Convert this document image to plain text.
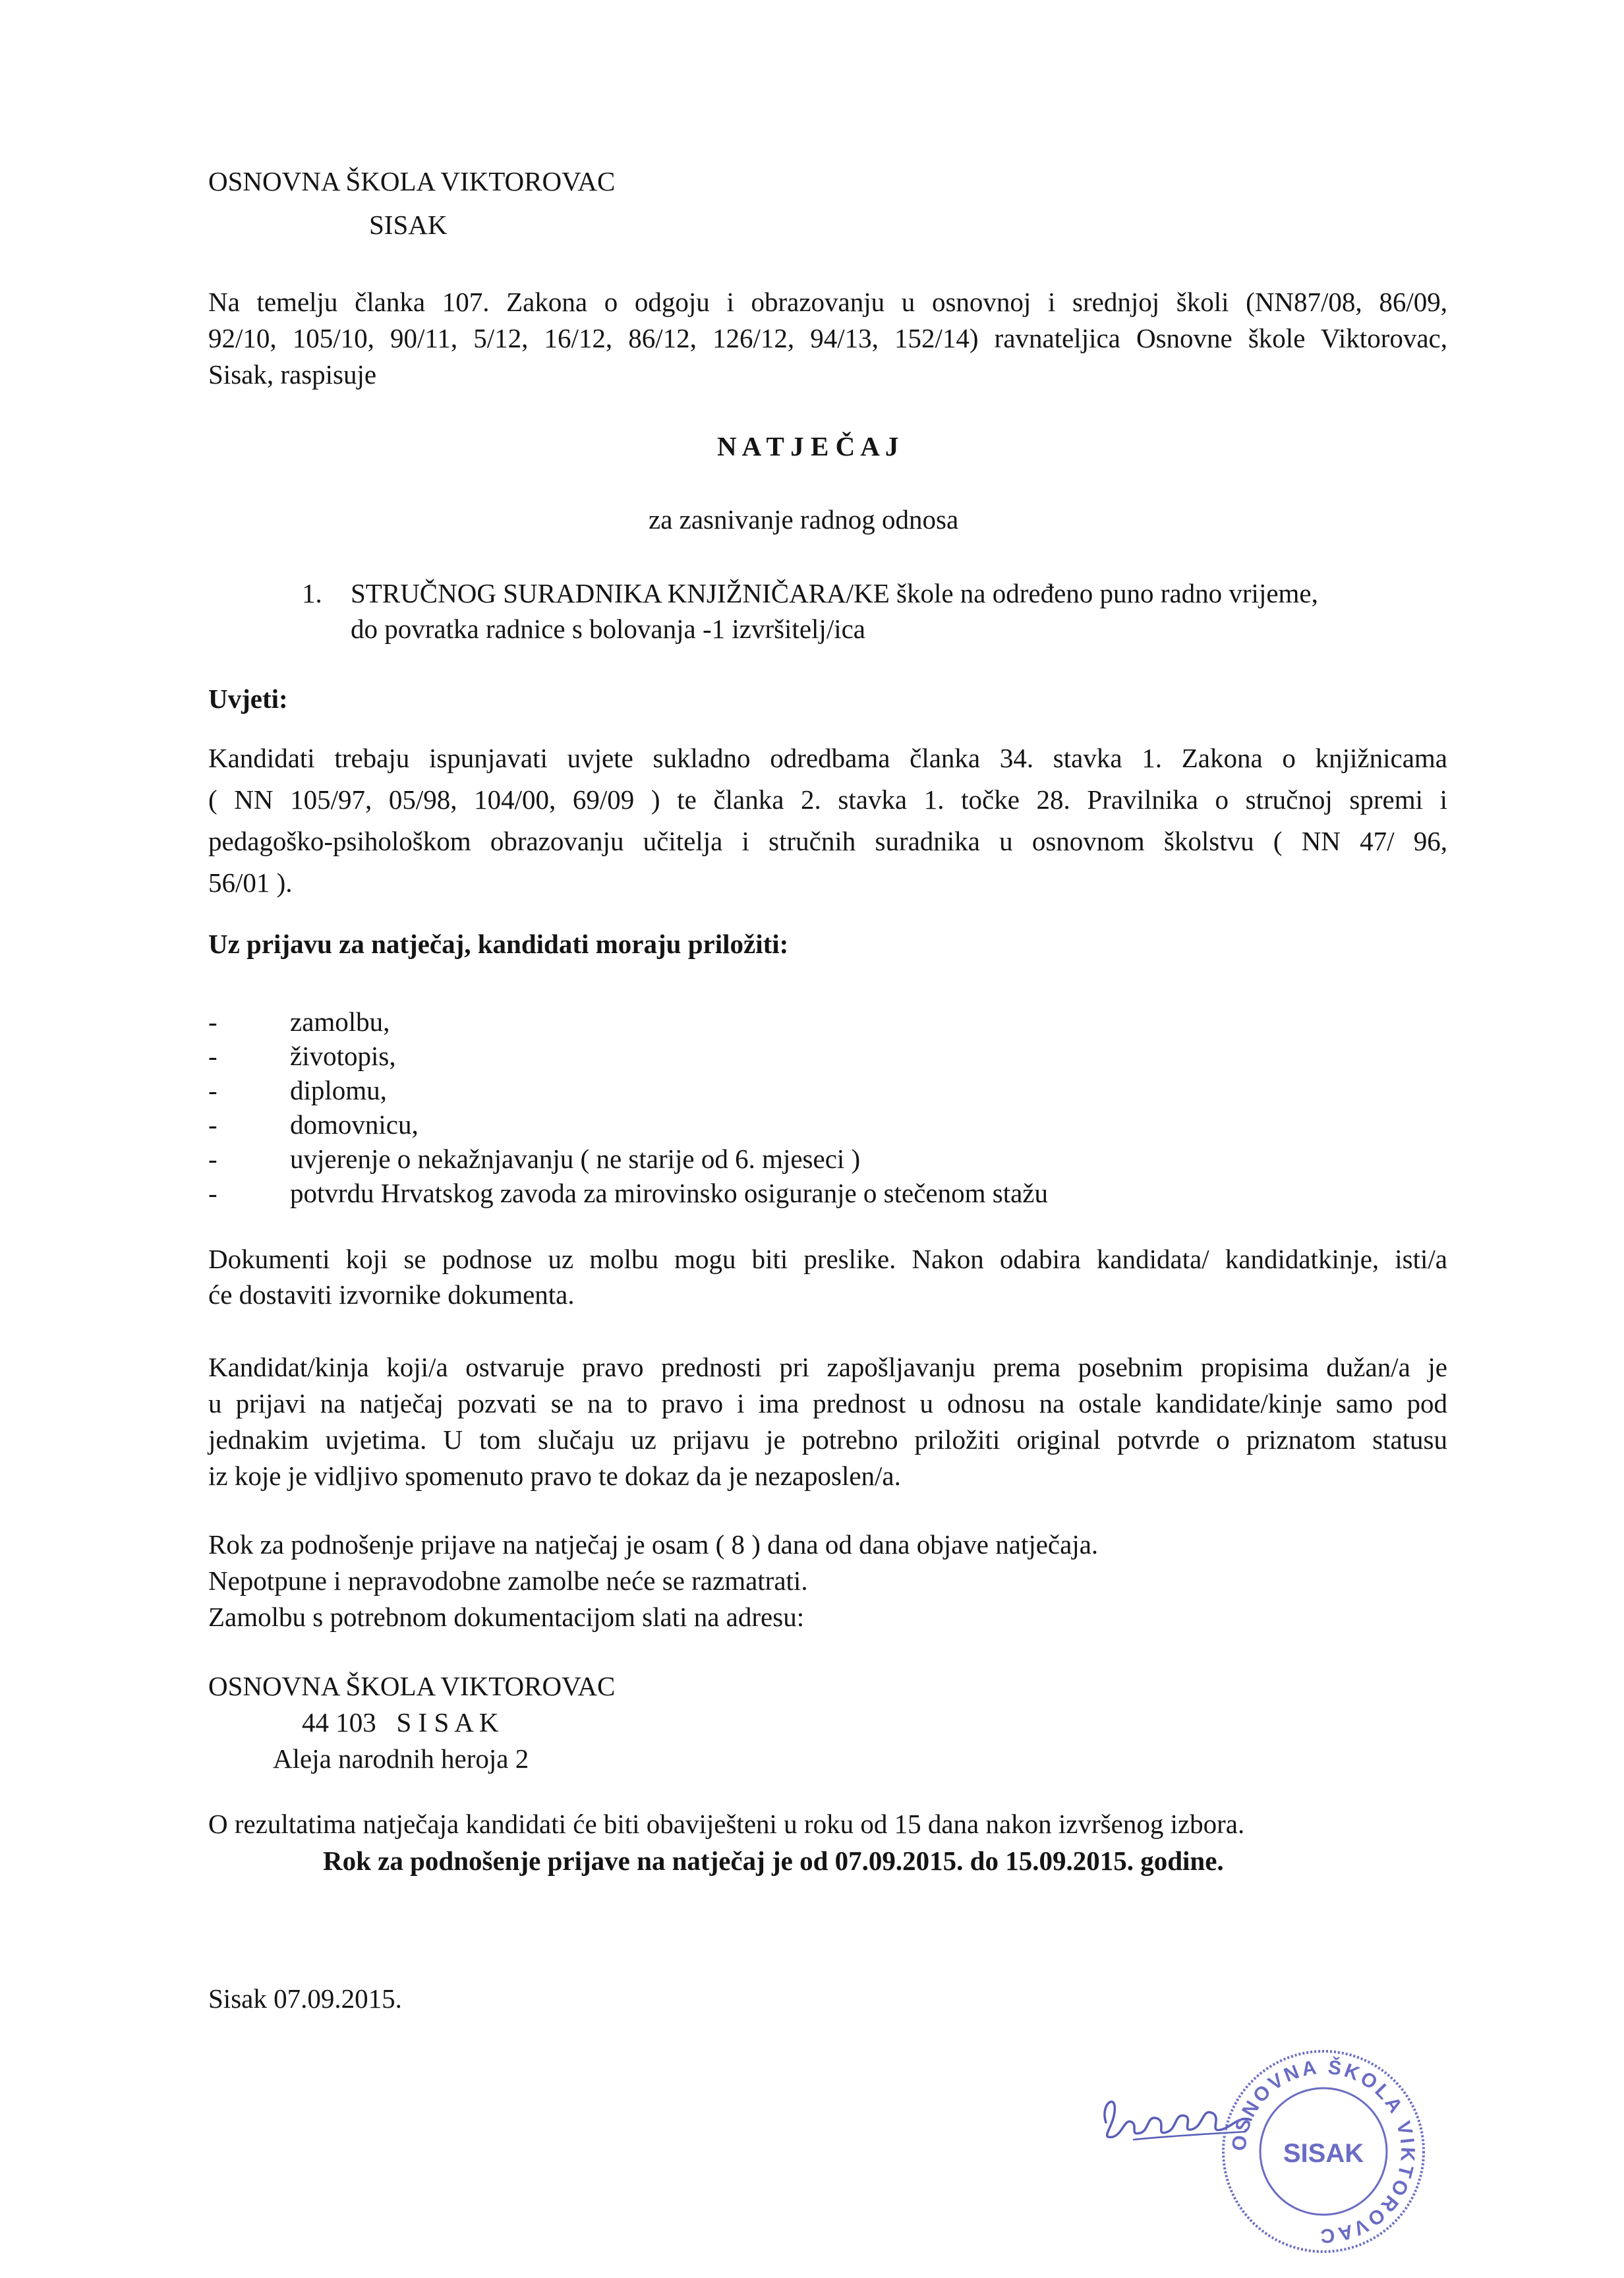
OSNOVNA ŠKOLA VIKTOROVAC

SISAK

Na temelju članka 107. Zakona o odgoju i obrazovanju u osnovnoj i srednjoj školi (NN87/08, 86/09,

92/10, 105/10, 90/11, 5/12, 16/12, 86/12, 126/12, 94/13, 152/14) ravnateljica Osnovne škole Viktorovac,

Sisak, raspisuje

N A T J E Č A J

za zasnivanje radnog odnosa

1. STRUČNOG SURADNIKA KNJIŽNIČARA/KE škole na određeno puno radno vrijeme,

do povratka radnice s bolovanja -1 izvršitelj/ica

Uvjeti:

Kandidati trebaju ispunjavati uvjete sukladno odredbama članka 34. stavka 1. Zakona o knjižnicama

( NN 105/97, 05/98, 104/00, 69/09 ) te članka 2. stavka 1. točke 28. Pravilnika o stručnoj spremi i

pedagoško-psihološkom obrazovanju učitelja i stručnih suradnika u osnovnom školstvu ( NN 47/ 96,

56/01 ).

Uz prijavu za natječaj, kandidati moraju priložiti:

-	zamolbu,
-	životopis,
-	diplomu,
-	domovnicu,
-	uvjerenje o nekažnjavanju ( ne starije od 6. mjeseci )
-	potvrdu Hrvatskog zavoda za mirovinsko osiguranje o stečenom stažu

Dokumenti koji se podnose uz molbu mogu biti preslike. Nakon odabira kandidata/ kandidatkinje, isti/a

će dostaviti izvornike dokumenta.

Kandidat/kinja koji/a ostvaruje pravo prednosti pri zapošljavanju prema posebnim propisima dužan/a je

u prijavi na natječaj pozvati se na to pravo i ima prednost u odnosu na ostale kandidate/kinje samo pod

jednakim uvjetima. U tom slučaju uz prijavu je potrebno priložiti original potvrde o priznatom statusu

iz koje je vidljivo spomenuto pravo te dokaz da je nezaposlen/a.

Rok za podnošenje prijave na natječaj je osam ( 8 ) dana od dana objave natječaja.

Nepotpune i nepravodobne zamolbe neće se razmatrati.

Zamolbu s potrebnom dokumentacijom slati na adresu:

OSNOVNA ŠKOLA VIKTOROVAC

44 103   S I S A K

Aleja narodnih heroja 2

O rezultatima natječaja kandidati će biti obaviješteni u roku od 15 dana nakon izvršenog izbora.

Rok za podnošenje prijave na natječaj je od 07.09.2015. do 15.09.2015. godine.

Sisak 07.09.2015.

OSNOVNA ŠKOLA VIKTOROVAC
SISAK
